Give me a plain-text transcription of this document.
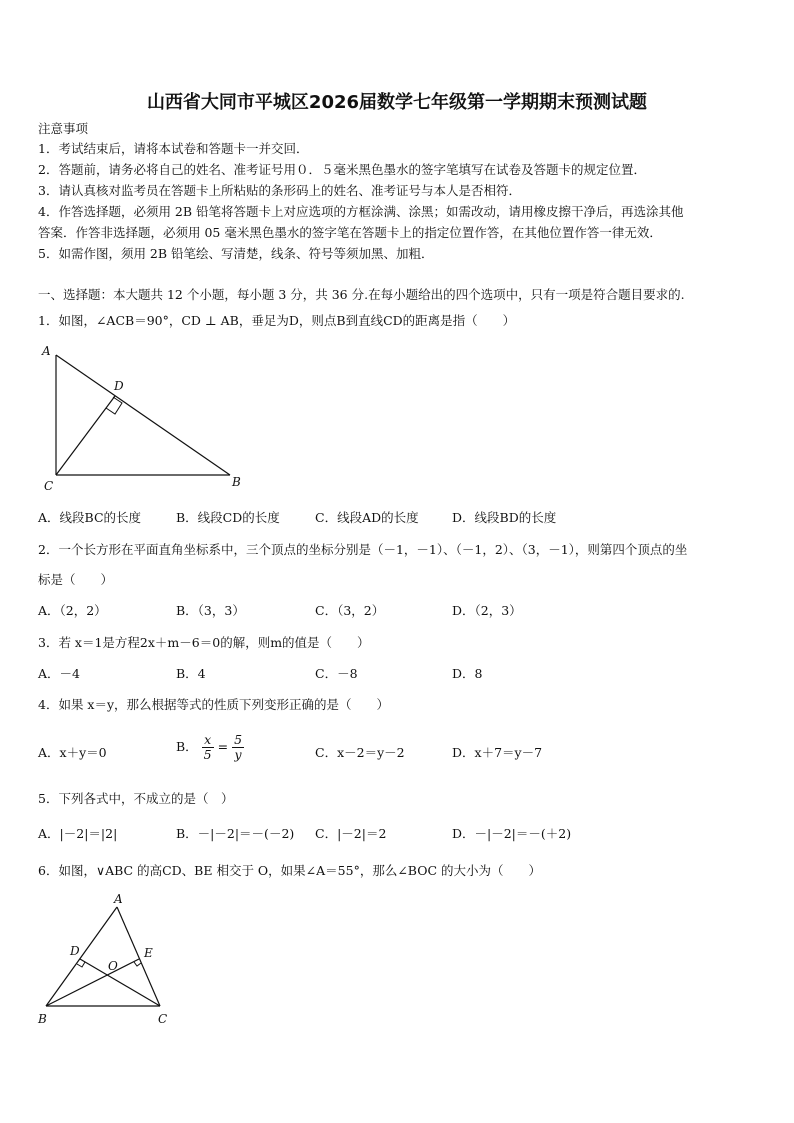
山西省大同市平城区2026届数学七年级第一学期期末预测试题
注意事项
1．考试结束后，请将本试卷和答题卡一并交回．
2．答题前，请务必将自己的姓名、准考证号用０．５毫米黑色墨水的签字笔填写在试卷及答题卡的规定位置．
3．请认真核对监考员在答题卡上所粘贴的条形码上的姓名、准考证号与本人是否相符．
4．作答选择题，必须用 2B 铅笔将答题卡上对应选项的方框涂满、涂黑；如需改动，请用橡皮擦干净后，再选涂其他
答案．作答非选择题，必须用 05 毫米黑色墨水的签字笔在答题卡上的指定位置作答，在其他位置作答一律无效．
5．如需作图，须用 2B 铅笔绘、写清楚，线条、符号等须加黑、加粗．
一、选择题：本大题共 12 个小题，每小题 3 分，共 36 分.在每小题给出的四个选项中，只有一项是符合题目要求的.
1．如图，∠ACB＝90°，CD ⊥ AB，垂足为D，则点B到直线CD的距离是指（　　）
A
D
C	B
A．线段BC的长度	B．线段CD的长度	C．线段AD的长度	D．线段BD的长度
2．一个长方形在平面直角坐标系中，三个顶点的坐标分别是（－1，－1）、（－1，2）、（3，－1），则第四个顶点的坐
标是（　　）
A．（2，2）	B．（3，3）	C．（3，2）	D．（2，3）
3．若 x＝1是方程2x＋m－6＝0的解，则m的值是（　　）
A．－4	B．4	C．－8	D．8
4．如果 x＝y，那么根据等式的性质下列变形正确的是（　　）
A．x＋y＝0	B． $\frac{x}{5} = \frac{5}{y}$	C．x－2＝y－2	D．x＋7＝y－7
5．下列各式中，不成立的是（　）
A．|－2|＝|2|	B．－|－2|＝－(－2) C．|－2|＝2	D．－|－2|＝－(＋2)
6．如图，∨ABC 的高CD、BE 相交于 O，如果∠A＝55°，那么∠BOC 的大小为（　　）
A
D	E
O
B	C
